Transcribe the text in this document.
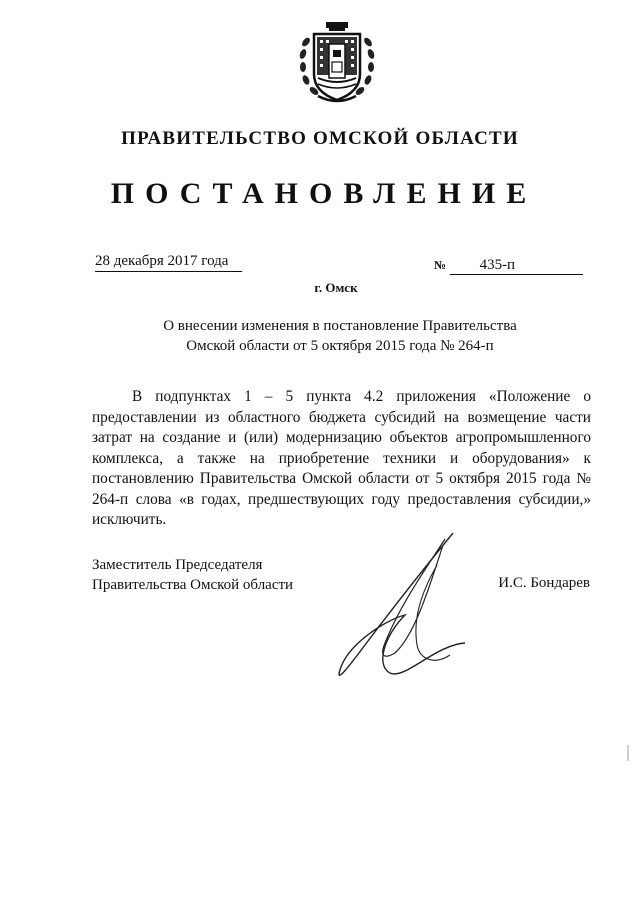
ПРАВИТЕЛЬСТВО ОМСКОЙ ОБЛАСТИ
ПОСТАНОВЛЕНИЕ
28 декабря 2017 года	№ 435-п
г. Омск
О внесении изменения в постановление Правительства
Омской области от 5 октября 2015 года № 264-п
В подпунктах 1 – 5 пункта 4.2 приложения «Положение о предоставлении из областного бюджета субсидий на возмещение части затрат на создание и (или) модернизацию объектов агропромышленного комплекса, а также на приобретение техники и оборудования» к постановлению Правительства Омской области от 5 октября 2015 года № 264-п слова «в годах, предшествующих году предоставления субсидии,» исключить.
Заместитель Председателя
Правительства Омской области	И.С. Бондарев
